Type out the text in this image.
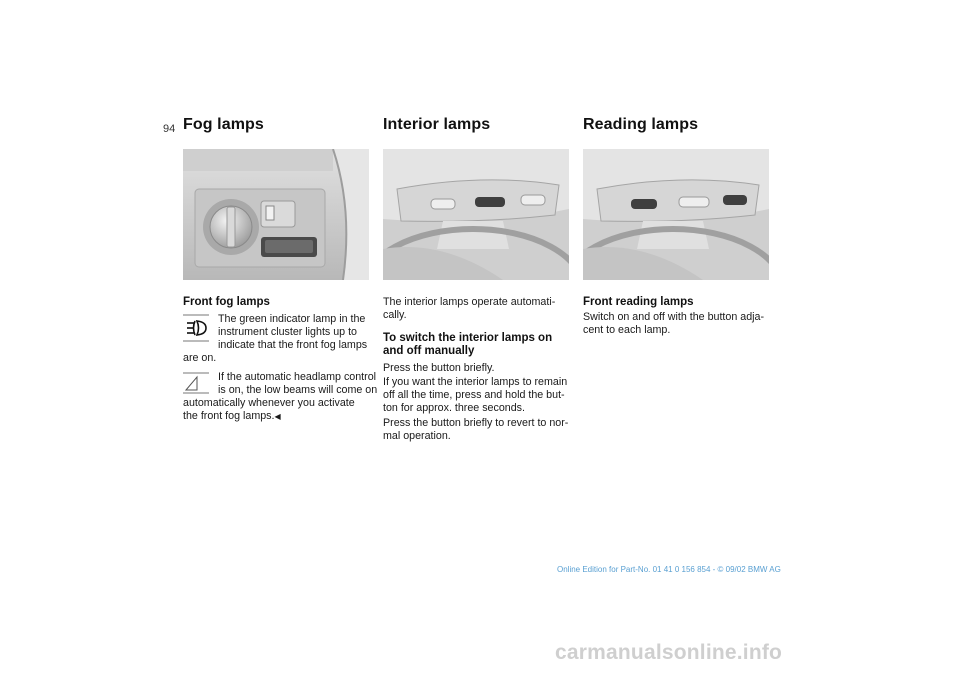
94 Fog lamps
Front fog lamps

The green indicator lamp in the

instrument cluster lights up to

indicate that the front fog lamps

are on.

If the automatic headlamp control

is on, the low beams will come on

automatically whenever you activate

the front fog lamps.◀

Interior lamps

The interior lamps operate automati-

cally.

To switch the interior lamps on

and off manually

Press the button briefly.

If you want the interior lamps to remain

off all the time, press and hold the but-

ton for approx. three seconds.

Press the button briefly to revert to nor-

mal operation.

Reading lamps
Front reading lamps

Switch on and off with the button adja-

cent to each lamp.

Online Edition for Part-No. 01 41 0 156 854 - © 09/02 BMW AG
carmanualsonline.info
